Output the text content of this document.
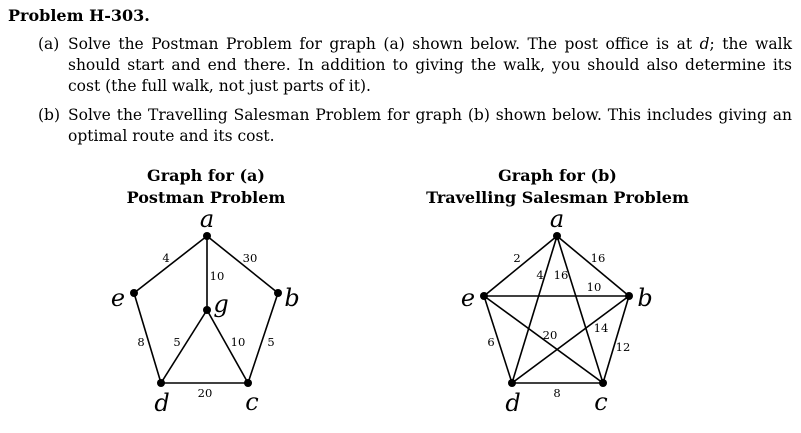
Problem H-303.
(a) Solve the Postman Problem for graph (a) shown below. The post office is at d; the walk should start and end there. In addition to giving the walk, you should also determine its cost (the full walk, not just parts of it).
(b) Solve the Travelling Salesman Problem for graph (b) shown below. This includes giving an optimal route and its cost.
Graph for (a)
Postman Problem
Graph for (b)
Travelling Salesman Problem
4	30
10
8 5	10 5
20
a
b
c
d
e	g
2	16
4 16
10
14
20
6	12
8
a
b
c
d
e
